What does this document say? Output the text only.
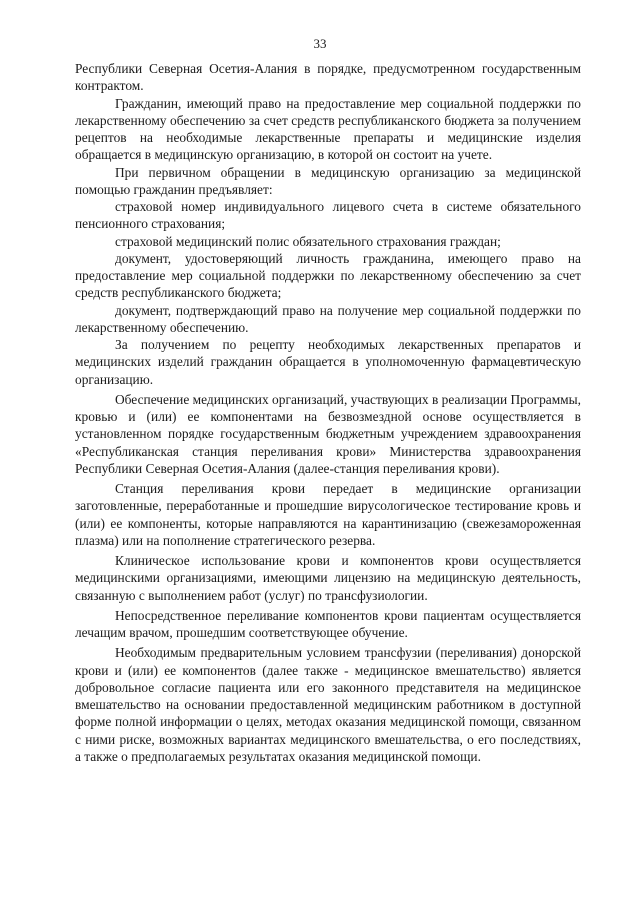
33

Республики Северная Осетия-Алания в порядке, предусмотренном государственным контрактом.

Гражданин, имеющий право на предоставление мер социальной поддержки по лекарственному обеспечению за счет средств республиканского бюджета за получением рецептов на необходимые лекарственные препараты и медицинские изделия обращается в медицинскую организацию, в которой он состоит на учете.

При первичном обращении в медицинскую организацию за медицинской помощью гражданин предъявляет:

страховой номер индивидуального лицевого счета в системе обязательного пенсионного страхования;

страховой медицинский полис обязательного страхования граждан;

документ, удостоверяющий личность гражданина, имеющего право на предоставление мер социальной поддержки по лекарственному обеспечению за счет средств республиканского бюджета;

документ, подтверждающий право на получение мер социальной поддержки по лекарственному обеспечению.

За получением по рецепту необходимых лекарственных препаратов и медицинских изделий гражданин обращается в уполномоченную фармацевтическую организацию.

Обеспечение медицинских организаций, участвующих в реализации Программы, кровью и (или) ее компонентами на безвозмездной основе осуществляется в установленном порядке государственным бюджетным учреждением здравоохранения «Республиканская станция переливания крови» Министерства здравоохранения Республики Северная Осетия-Алания (далее-станция переливания крови).

Станция переливания крови передает в медицинские организации заготовленные, переработанные и прошедшие вирусологическое тестирование кровь и (или) ее компоненты, которые направляются на карантинизацию (свежезамороженная плазма) или на пополнение стратегического резерва.

Клиническое использование крови и компонентов крови осуществляется медицинскими организациями, имеющими лицензию на медицинскую деятельность, связанную с выполнением работ (услуг) по трансфузиологии.

Непосредственное переливание компонентов крови пациентам осуществляется лечащим врачом, прошедшим соответствующее обучение.

Необходимым предварительным условием трансфузии (переливания) донорской крови и (или) ее компонентов (далее также - медицинское вмешательство) является добровольное согласие пациента или его законного представителя на медицинское вмешательство на основании предоставленной медицинским работником в доступной форме полной информации о целях, методах оказания медицинской помощи, связанном с ними риске, возможных вариантах медицинского вмешательства, о его последствиях, а также о предполагаемых результатах оказания медицинской помощи.
